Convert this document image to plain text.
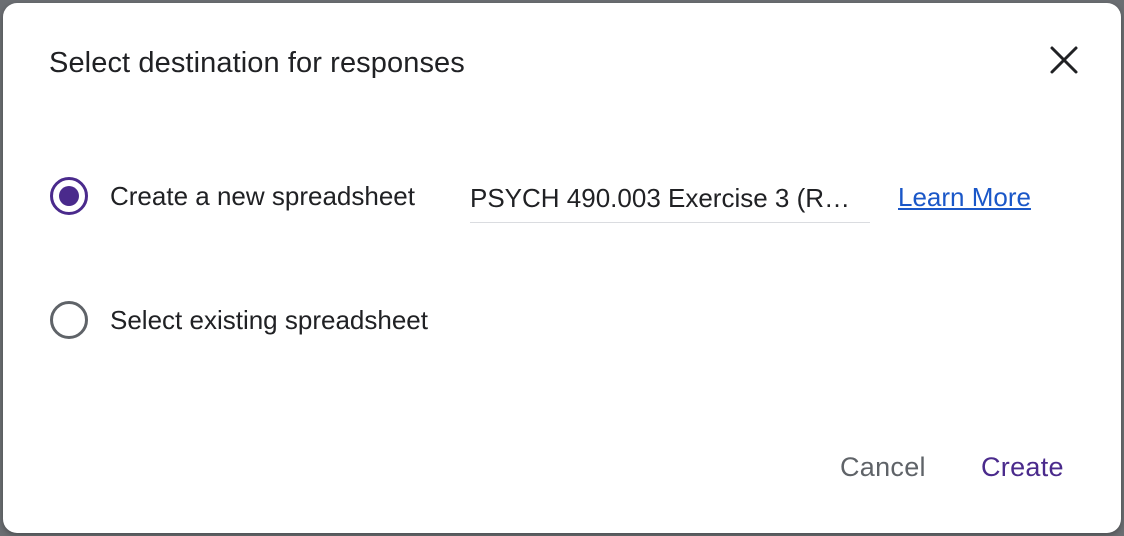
Select destination for responses
Create a new spreadsheet PSYCH 490.003 Exercise 3 (R…	Learn More
Select existing spreadsheet
Cancel Create
